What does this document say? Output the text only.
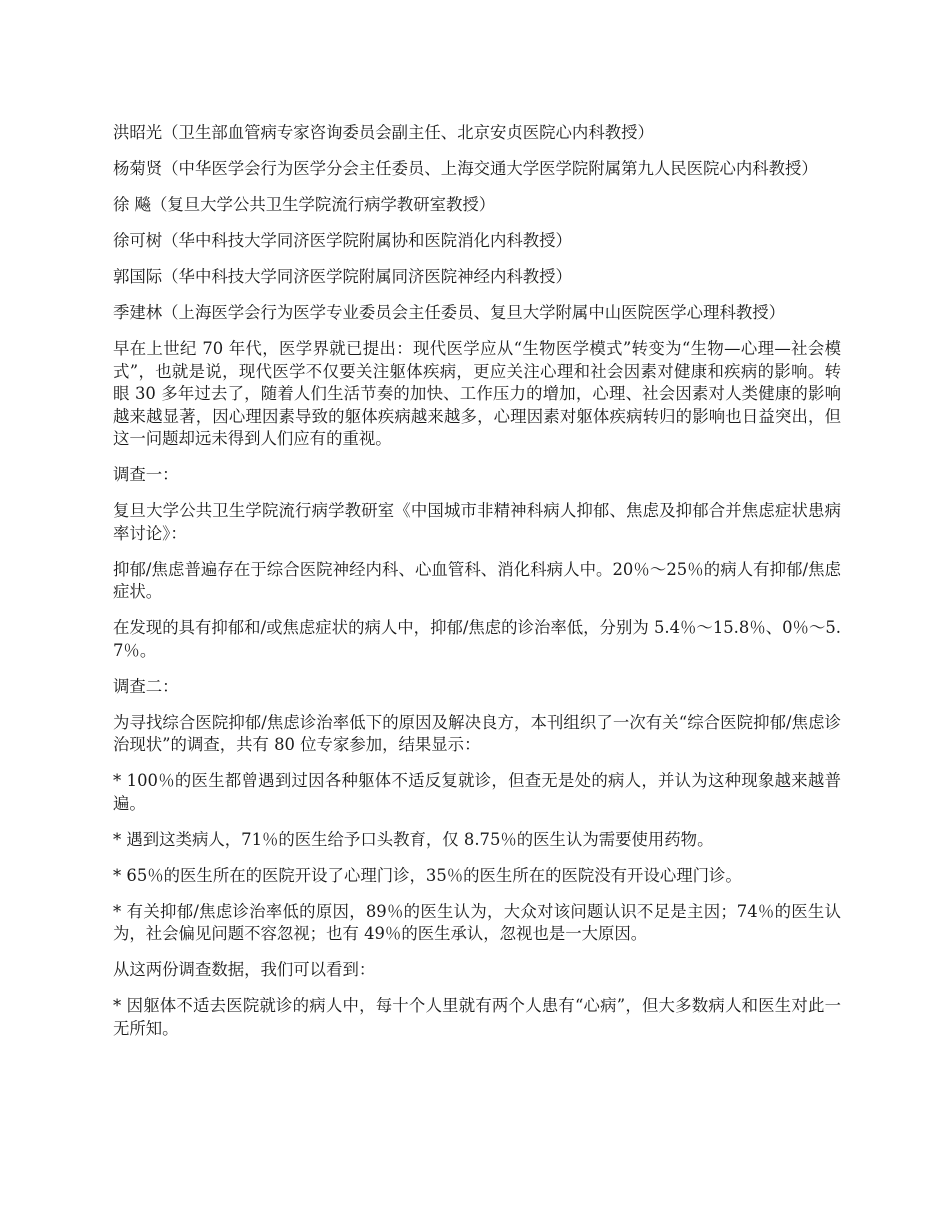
洪昭光（卫生部血管病专家咨询委员会副主任、北京安贞医院心内科教授）

杨菊贤（中华医学会行为医学分会主任委员、上海交通大学医学院附属第九人民医院心内科教授）

徐 飚（复旦大学公共卫生学院流行病学教研室教授）

徐可树（华中科技大学同济医学院附属协和医院消化内科教授）

郭国际（华中科技大学同济医学院附属同济医院神经内科教授）

季建林（上海医学会行为医学专业委员会主任委员、复旦大学附属中山医院医学心理科教授）

早在上世纪 70 年代，医学界就已提出：现代医学应从“生物医学模式”转变为“生物—心理—社会模式”，也就是说，现代医学不仅要关注躯体疾病，更应关注心理和社会因素对健康和疾病的影响。转眼 30 多年过去了，随着人们生活节奏的加快、工作压力的增加，心理、社会因素对人类健康的影响越来越显著，因心理因素导致的躯体疾病越来越多，心理因素对躯体疾病转归的影响也日益突出，但这一问题却远未得到人们应有的重视。

调查一：

复旦大学公共卫生学院流行病学教研室《中国城市非精神科病人抑郁、焦虑及抑郁合并焦虑症状患病率讨论》：

抑郁/焦虑普遍存在于综合医院神经内科、心血管科、消化科病人中。20％～25％的病人有抑郁/焦虑症状。

在发现的具有抑郁和/或焦虑症状的病人中，抑郁/焦虑的诊治率低，分别为 5.4％～15.8％、0％～5.7％。

调查二：

为寻找综合医院抑郁/焦虑诊治率低下的原因及解决良方，本刊组织了一次有关“综合医院抑郁/焦虑诊治现状”的调查，共有 80 位专家参加，结果显示：

* 100％的医生都曾遇到过因各种躯体不适反复就诊，但查无是处的病人，并认为这种现象越来越普遍。

* 遇到这类病人，71％的医生给予口头教育，仅 8.75％的医生认为需要使用药物。

* 65％的医生所在的医院开设了心理门诊，35％的医生所在的医院没有开设心理门诊。

* 有关抑郁/焦虑诊治率低的原因，89％的医生认为，大众对该问题认识不足是主因；74％的医生认为，社会偏见问题不容忽视；也有 49％的医生承认，忽视也是一大原因。

从这两份调查数据，我们可以看到：

* 因躯体不适去医院就诊的病人中，每十个人里就有两个人患有“心病”，但大多数病人和医生对此一无所知。
